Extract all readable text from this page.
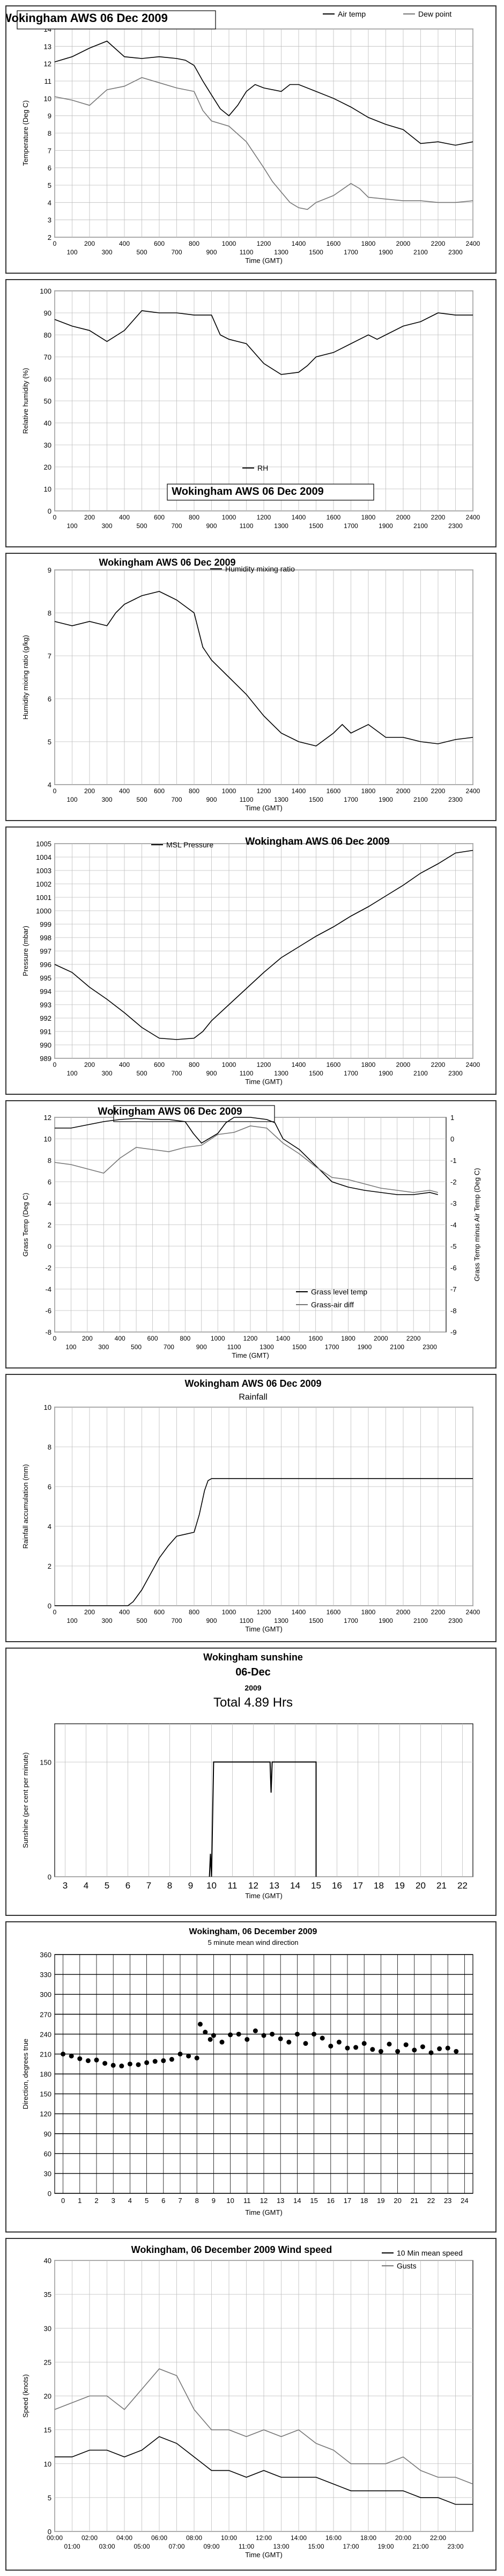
2
3
4
5
6
7
8
9
10
11
12
13
0	200	400	600	800	1000	1200	1400	1600	1800	2000	2200	2400
100	300	500	700	900	1100	1300	1500	1700	1900	2100	2300
Time (GMT)
Temperature (Deg C)
Wokingham AWS 06 Dec 2009	Air temp	Dew point
0
10
20
30
40
50
60
70
80
90
100
0	200	400	600	800	1000	1200	1400	1600	1800	2000	2200	2400
100	300	500	700	900	1100	1300	1500	1700	1900	2100	2300
Relative humidity (%)
Wokingham AWS 06 Dec 2009
RH
4
5
6
7
8
9
0	200	400	600	800	1000	1200	1400	1600	1800	2000	2200	2400
100	300	500	700	900	1100	1300	1500	1700	1900	2100	2300
Time (GMT)
Humidity mixing ratio (g/kg)
Wokingham AWS 06 Dec 2009
Humidity mixing ratio
989
990
991
992
993
994
995
996
997
998
999
1000
1001
1002
1003
1004
1005
0	200	400	600	800	1000	1200	1400	1600	1800	2000	2200	2400
100	300	500	700	900	1100	1300	1500	1700	1900	2100	2300
Time (GMT)
Pressure (mbar)
Wokingham AWS 06 Dec 2009
MSL Pressure
-8
-6
-4
-2
0
2
4
6
8
10
12
0	200	400	600	800	1000	1200	1400	1600	1800	2000	2200
100	300	500	700	900	1100	1300	1500	1700	1900	2100	2300
Time (GMT)
Grass Temp (Deg C)
-9
-8
-7
-6
-5
-4
-3
-2
-1
0
1
Grass Temp minus Air Temp (Deg C)
Wokingham AWS 06 Dec 2009
Grass level temp
Grass-air diff
0
2
4
6
8
10
0	200	400	600	800	1000	1200	1400	1600	1800	2000	2200	2400
100	300	500	700	900	1100	1300	1500	1700	1900	2100	2300
Time (GMT)
Rainfall accumulation (mm)
Wokingham AWS 06 Dec 2009
Rainfall
0
150
3 4 5 6 7 8 9 10 11 12 13 14 15 16 17 18 19 20 21 22
Time (GMT)
Sunshine (per cent per minute)
Wokingham sunshine
06-Dec
2009
Total 4.89 Hrs
0
30
60
90
120
150
180
210
240
270
300
330
360
0 1 2 3 4 5 6 7 8 9 10 11 12 13 14 15 16 17 18 19 20 21 22 23 24
Time (GMT)
Direction, degrees true
Wokingham, 06 December 2009
5 minute mean wind direction
0
5
10
15
20
25
30
35
40
00:00	02:00	04:00	06:00	08:00	10:00	12:00	14:00	16:00	18:00	20:00	22:00
01:00	03:00	05:00	07:00	09:00	11:00	13:00	15:00	17:00	19:00	21:00	23:00
Time (GMT)
Speed (knots)
Wokingham, 06 December 2009 Wind speed	10 Min mean speed
Gusts
